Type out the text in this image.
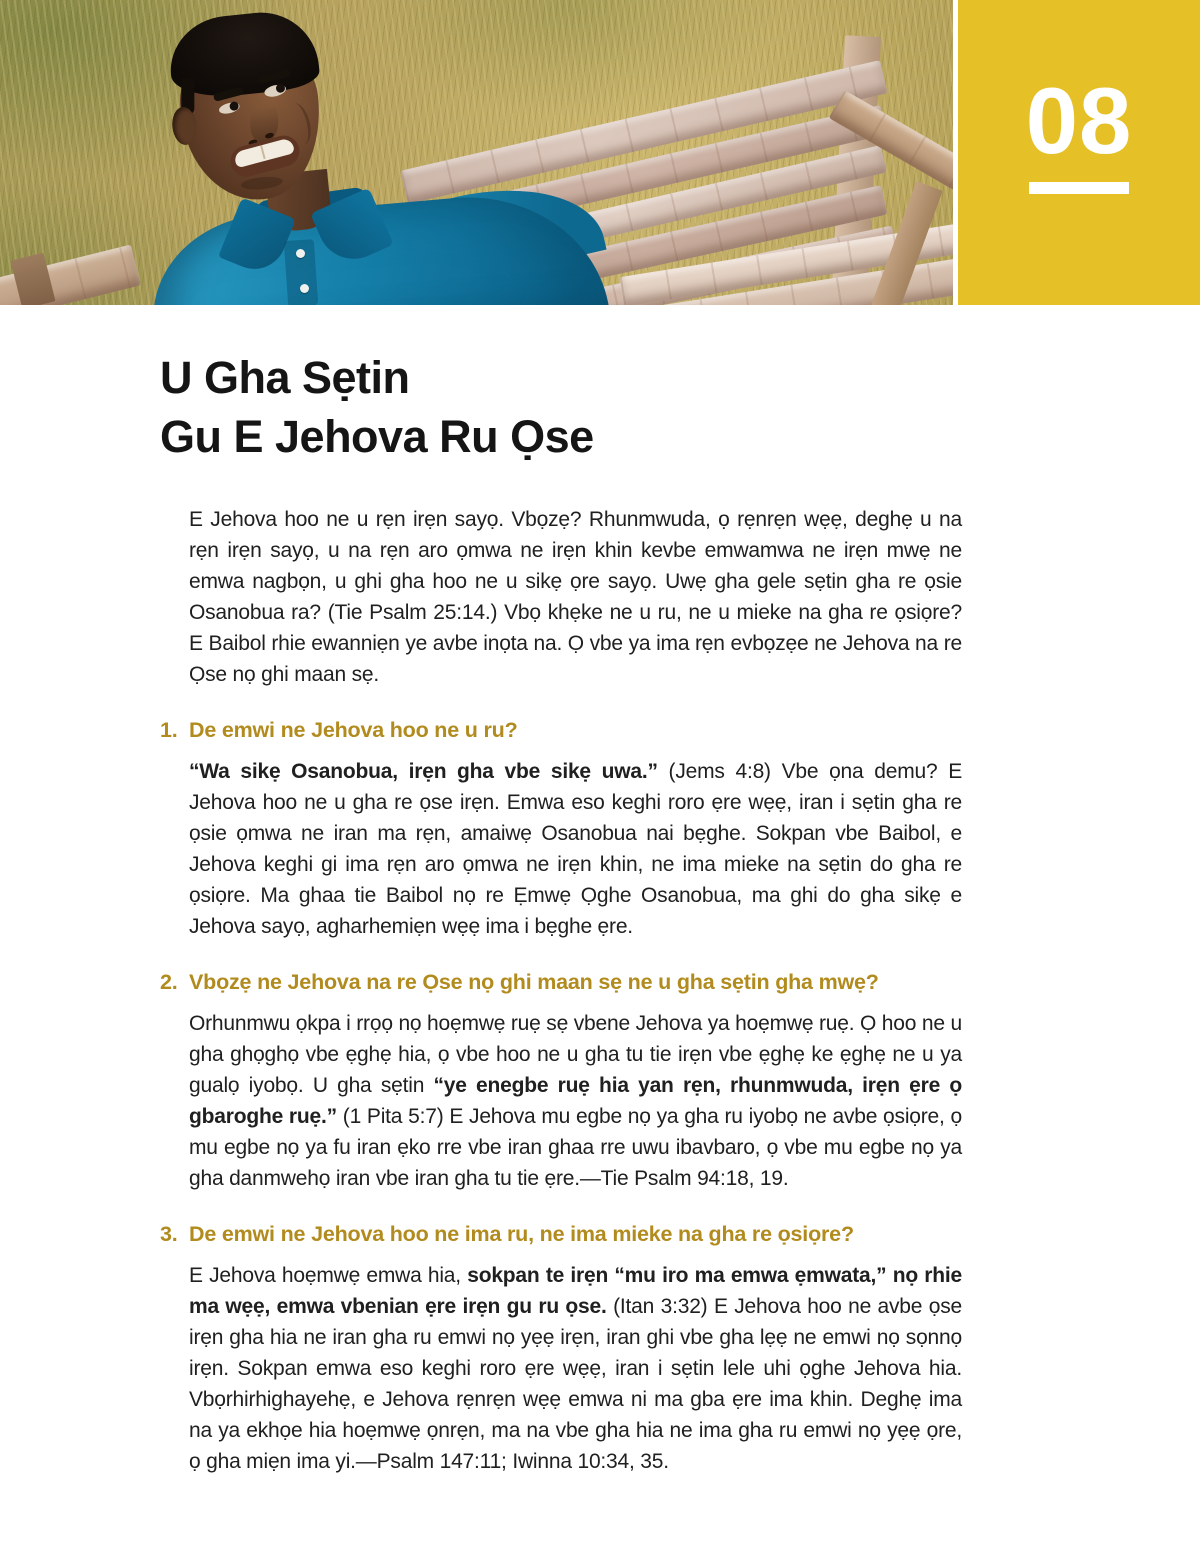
08
U Gha Sẹtin
Gu E Jehova Ru Ọse

E Jehova hoo ne u rẹn irẹn sayọ. Vbọzẹ? Rhunmwuda, ọ rẹnrẹn wẹẹ, deghẹ u na rẹn irẹn sayọ, u na rẹn aro ọmwa ne irẹn khin kevbe emwamwa ne irẹn mwẹ ne emwa nagbọn, u ghi gha hoo ne u sikẹ ọre sayọ. Uwẹ gha gele sẹtin gha re ọsie Osanobua ra? (Tie Psalm 25:14.) Vbọ khẹke ne u ru, ne u mieke na gha re ọsiọre? E Baibol rhie ewanniẹn ye avbe inọta na. Ọ vbe ya ima rẹn evbọzẹe ne Jehova na re Ọse nọ ghi maan sẹ.

1. De emwi ne Jehova hoo ne u ru?

“Wa sikẹ Osanobua, irẹn gha vbe sikẹ uwa.” (Jems 4:8) Vbe ọna demu? E Jehova hoo ne u gha re ọse irẹn. Emwa eso keghi roro ẹre wẹẹ, iran i sẹtin gha re ọsie ọmwa ne iran ma rẹn, amaiwẹ Osanobua nai bẹghe. Sokpan vbe Baibol, e Jehova keghi gi ima rẹn aro ọmwa ne irẹn khin, ne ima mieke na sẹtin do gha re ọsiọre. Ma ghaa tie Baibol nọ re Ẹmwẹ Ọghe Osanobua, ma ghi do gha sikẹ e Jehova sayọ, agharhemiẹn wẹẹ ima i bẹghe ẹre.

2. Vbọzẹ ne Jehova na re Ọse nọ ghi maan sẹ ne u gha sẹtin gha mwẹ?

Orhunmwu ọkpa i rrọọ nọ hoẹmwẹ ruẹ sẹ vbene Jehova ya hoẹmwẹ ruẹ. Ọ hoo ne u gha ghọghọ vbe ẹghẹ hia, ọ vbe hoo ne u gha tu tie irẹn vbe ẹghẹ ke ẹghẹ ne u ya gualọ iyobọ. U gha sẹtin “ye enegbe ruẹ hia yan rẹn, rhunmwuda, irẹn ẹre ọ gbaroghe ruẹ.” (1 Pita 5:7) E Jehova mu egbe nọ ya gha ru iyobọ ne avbe ọsiọre, ọ mu egbe nọ ya fu iran ẹko rre vbe iran ghaa rre uwu ibavbaro, ọ vbe mu egbe nọ ya gha danmwehọ iran vbe iran gha tu tie ẹre.—Tie Psalm 94:18, 19.

3. De emwi ne Jehova hoo ne ima ru, ne ima mieke na gha re ọsiọre?

E Jehova hoẹmwẹ emwa hia, sokpan te irẹn “mu iro ma emwa ẹmwata,” nọ rhie ma wẹẹ, emwa vbenian ẹre irẹn gu ru ọse. (Itan 3:32) E Jehova hoo ne avbe ọse irẹn gha hia ne iran gha ru emwi nọ yẹẹ irẹn, iran ghi vbe gha lẹẹ ne emwi nọ sọnnọ irẹn. Sokpan emwa eso keghi roro ẹre wẹẹ, iran i sẹtin lele uhi ọghe Jehova hia. Vbọrhirhighayehẹ, e Jehova rẹnrẹn wẹẹ emwa ni ma gba ẹre ima khin. Deghẹ ima na ya ekhọe hia hoẹmwẹ ọnrẹn, ma na vbe gha hia ne ima gha ru emwi nọ yẹẹ ọre, ọ gha miẹn ima yi.—Psalm 147:11; Iwinna 10:34, 35.
